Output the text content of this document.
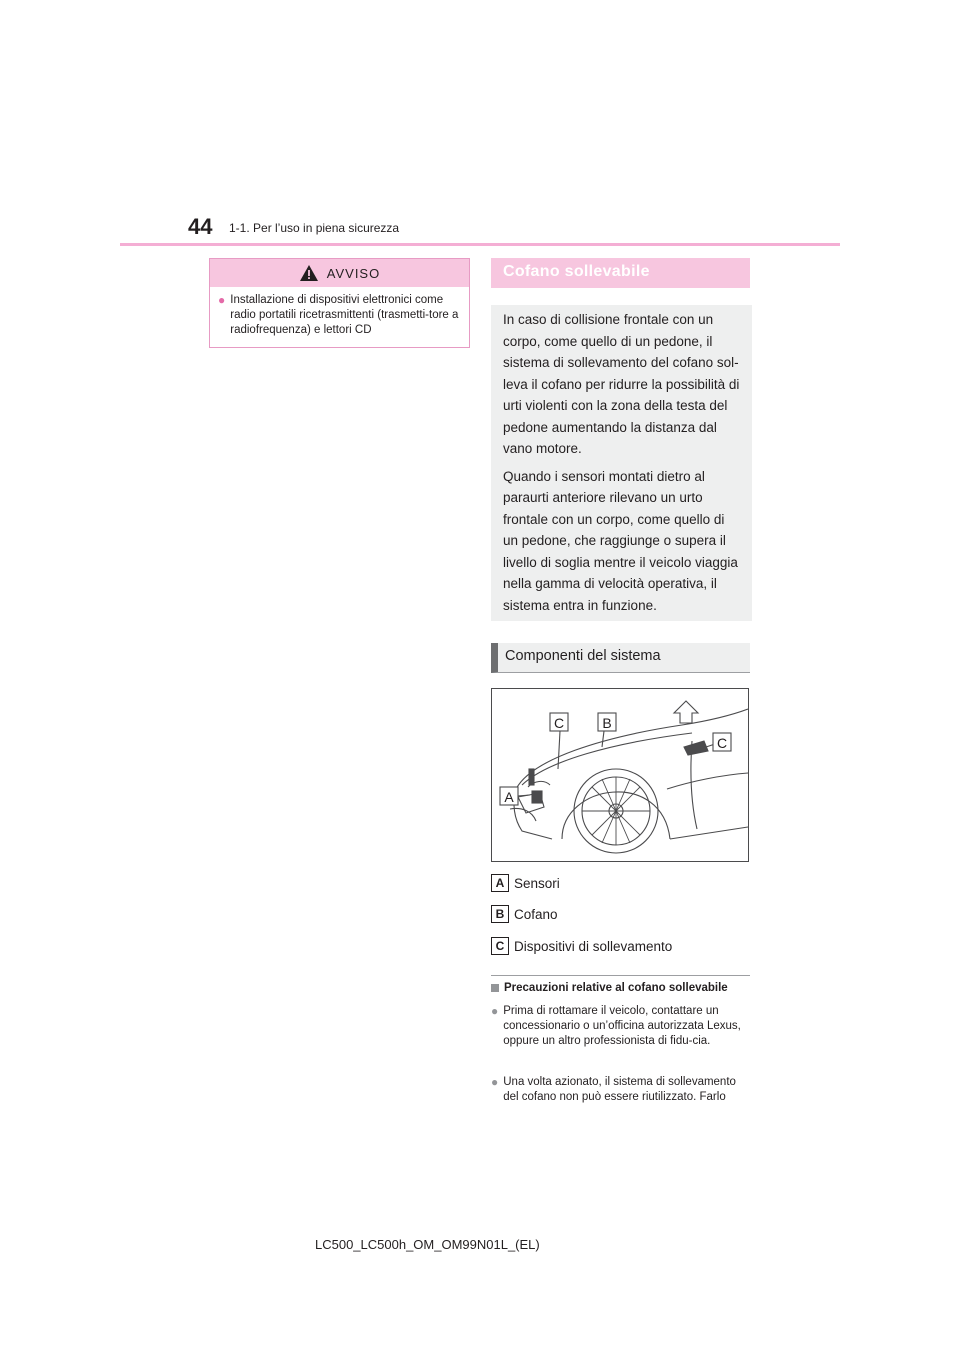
44 1-1. Per l’uso in piena sicurezza
AVVISO
● Installazione di dispositivi elettronici come radio portatili ricetrasmittenti (trasmetti-tore a radiofrequenza) e lettori CD
Cofano sollevabile

In caso di collisione frontale con un corpo, come quello di un pedone, il sistema di sollevamento del cofano sol-leva il cofano per ridurre la possibilità di urti violenti con la zona della testa del pedone aumentando la distanza dal vano motore.

Quando i sensori montati dietro al paraurti anteriore rilevano un urto frontale con un corpo, come quello di un pedone, che raggiunge o supera il livello di soglia mentre il veicolo viaggia nella gamma di velocità operativa, il sistema entra in funzione.

Componenti del sistema
C	B
C
A
A Sensori
B Cofano
C Dispositivi di sollevamento
Precauzioni relative al cofano sollevabile
● Prima di rottamare il veicolo, contattare un concessionario o un’officina autorizzata Lexus, oppure un altro professionista di fidu-cia.
● Una volta azionato, il sistema di sollevamento del cofano non può essere riutilizzato. Farlo
LC500_LC500h_OM_OM99N01L_(EL)
